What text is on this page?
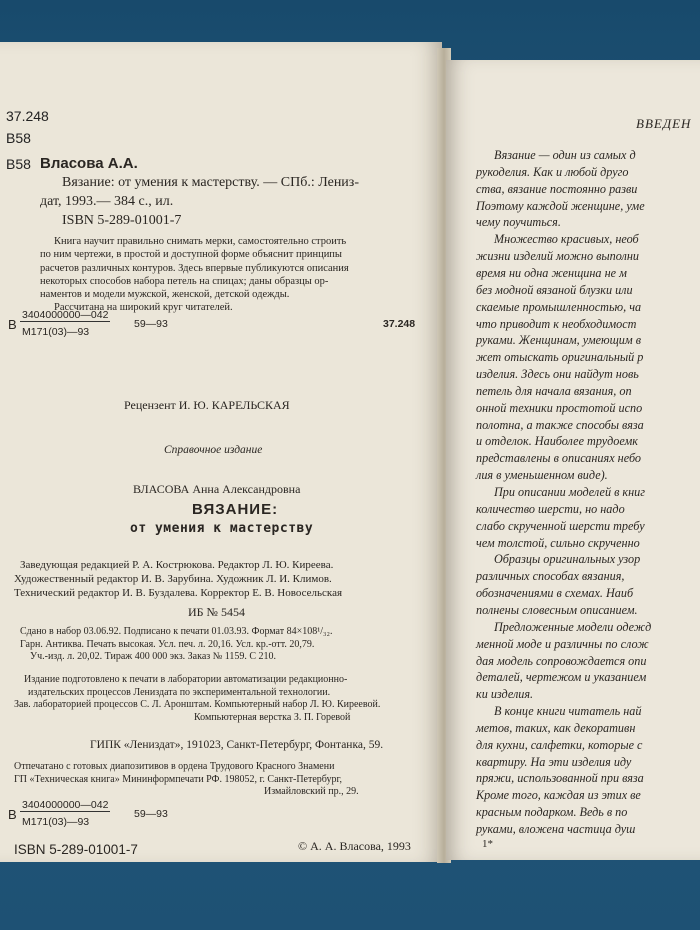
37.248
B58
B58 Власова А.А.
Вязание: от умения к мастерству. — СПб.: Лениз-
дат, 1993.— 384 с., ил.
ISBN 5-289-01001-7

Книга научит правильно снимать мерки, самостоятельно строить

по ним чертежи, в простой и доступной форме объяснит принципы

расчетов различных контуров. Здесь впервые публикуются описания

некоторых способов набора петель на спицах; даны образцы ор-

наментов и модели мужской, женской, детской одежды.

Рассчитана на широкий круг читателей.

В
3404000000—042
М171(03)—93
59—93	37.248
Рецензент И. Ю. КАРЕЛЬСКАЯ
Справочное издание
ВЛАСОВА Анна Александровна
ВЯЗАНИЕ:
от умения к мастерству
Заведующая редакцией Р. А. Кострюкова. Редактор Л. Ю. Киреева.
Художественный редактор И. В. Зарубина. Художник Л. И. Климов.
Технический редактор И. В. Буздалева. Корректор Е. В. Новосельская
ИБ № 5454
Сдано в набор 03.06.92. Подписано к печати 01.03.93. Формат 84×108¹/₃₂.
Гарн. Антиква. Печать высокая. Усл. печ. л. 20,16. Усл. кр.-отт. 20,79.
Уч.-изд. л. 20,02. Тираж 400 000 экз. Заказ № 1159. С 210.
Издание подготовлено к печати в лаборатории автоматизации редакционно-
издательских процессов Лениздата по экспериментальной технологии.
Зав. лабораторией процессов С. Л. Аронштам. Компьютерный набор Л. Ю. Киреевой.
Компьютерная верстка З. П. Горевой
ГИПК «Лениздат», 191023, Санкт-Петербург, Фонтанка, 59.
Отпечатано с готовых диапозитивов в ордена Трудового Красного Знамени
ГП «Техническая книга» Мининформпечати РФ. 198052, г. Санкт-Петербург,
Измайловский пр., 29.
В
3404000000—042
М171(03)—93
59—93
ISBN 5-289-01001-7	© А. А. Власова, 1993
ВВЕДЕН
Вязание — один из самых д
рукоделия. Как и любой друго
ства, вязание постоянно разви
Поэтому каждой женщине, уме
чему поучиться.
Множество красивых, необ
жизни изделий можно выполни
время ни одна женщина не м
без модной вязаной блузки или
скаемые промышленностью, ча
что приводит к необходимост
руками. Женщинам, умеющим в
жет отыскать оригинальный р
изделия. Здесь они найдут новь
петель для начала вязания, оп
онной техники простотой испо
полотна, а также способы вяза
и отделок. Наиболее трудоемк
представлены в описаниях небо
лия в уменьшенном виде).
При описании моделей в книг
количество шерсти, но надо
слабо скрученной шерсти требу
чем толстой, сильно скрученно
Образцы оригинальных узор
различных способах вязания,
обозначениями в схемах. Наиб
полнены словесным описанием.
Предложенные модели одежд
менной моде и различны по слож
дая модель сопровождается опи
деталей, чертежом и указанием
ки изделия.
В конце книги читатель най
метов, таких, как декоративн
для кухни, салфетки, которые с
квартиру. На эти изделия иду
пряжи, использованной при вяза
Кроме того, каждая из этих ве
красным подарком. Ведь в по
руками, вложена частица душ
1*
